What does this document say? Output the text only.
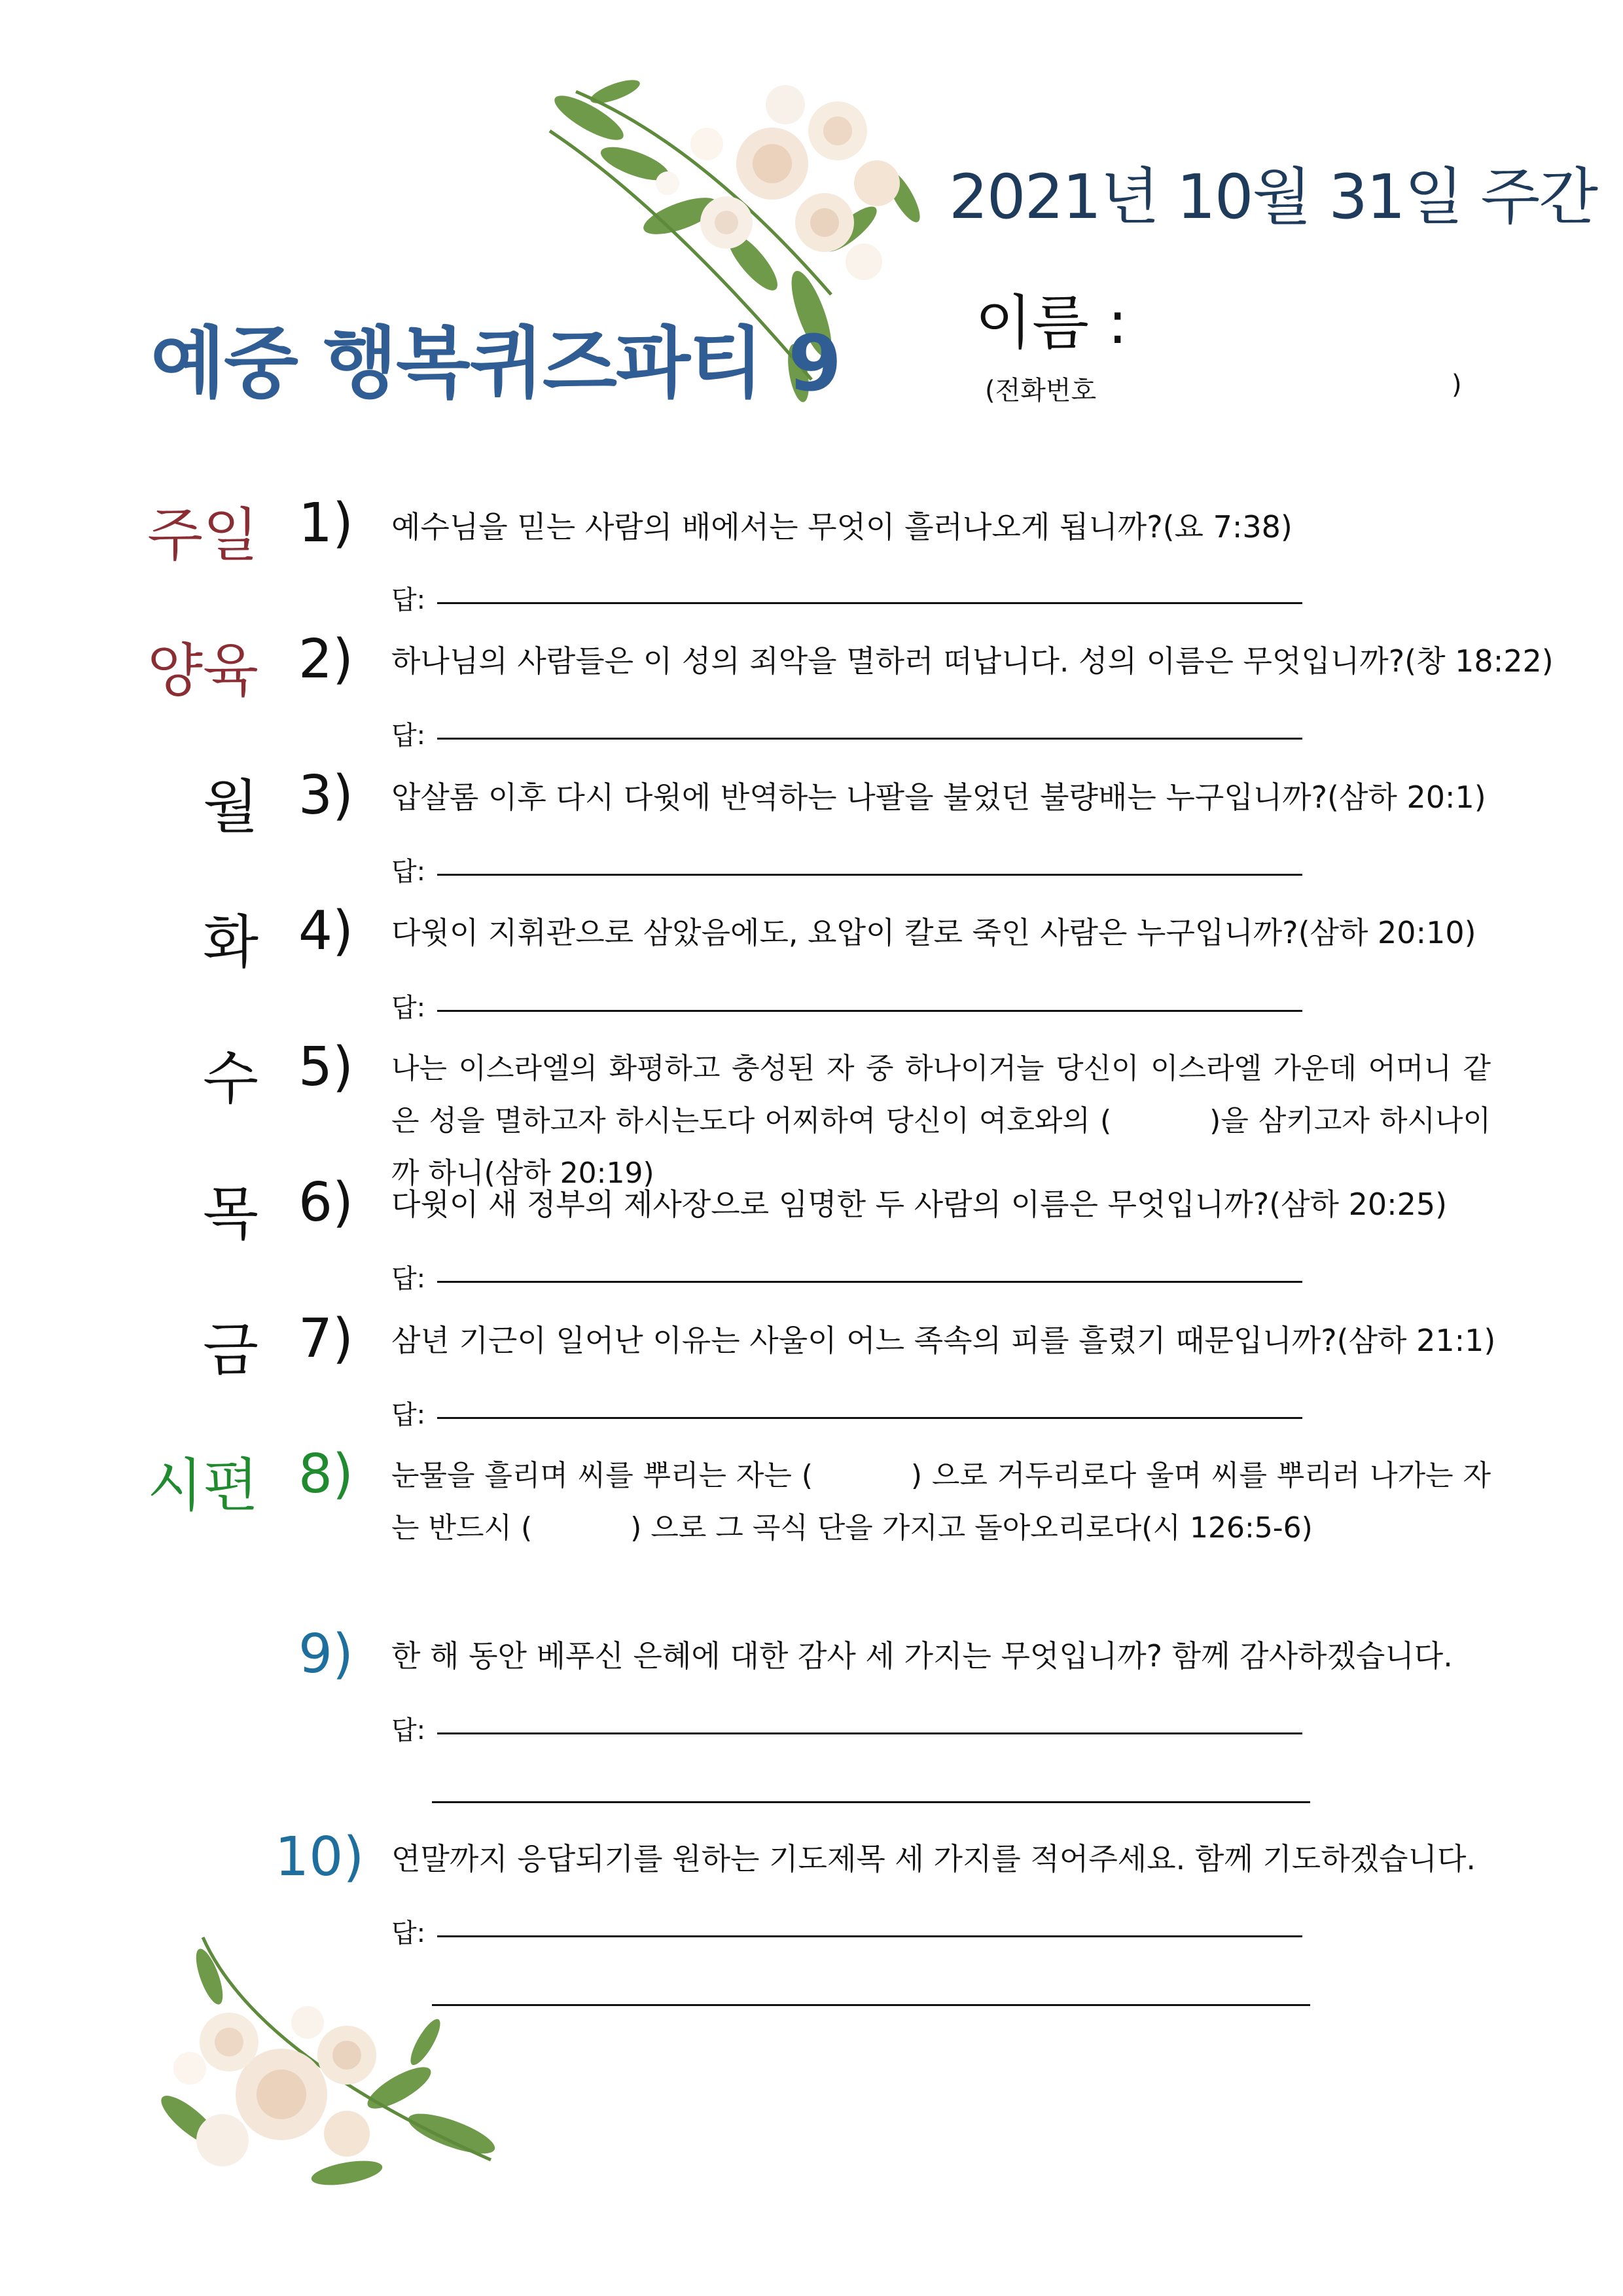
예중 행복퀴즈파티 9
2021년 10월 31일 주간
이름 :
(전화번호	)
주일 1) 예수님을 믿는 사람의 배에서는 무엇이 흘러나오게 됩니까?(요 7:38)
답:
양육 2) 하나님의 사람들은 이 성의 죄악을 멸하러 떠납니다. 성의 이름은 무엇입니까?(창 18:22)
답:
월 3) 압살롬 이후 다시 다윗에 반역하는 나팔을 불었던 불량배는 누구입니까?(삼하 20:1)
답:
화 4) 다윗이 지휘관으로 삼았음에도, 요압이 칼로 죽인 사람은 누구입니까?(삼하 20:10)
답:
수 5) 나는 이스라엘의 화평하고 충성된 자 중 하나이거늘 당신이 이스라엘 가운데 어머니 같은 성을 멸하고자 하시는도다 어찌하여 당신이 여호와의 (	)을 삼키고자 하시나이까 하니(삼하 20:19)
목 6) 다윗이 새 정부의 제사장으로 임명한 두 사람의 이름은 무엇입니까?(삼하 20:25)
답:
금 7) 삼년 기근이 일어난 이유는 사울이 어느 족속의 피를 흘렸기 때문입니까?(삼하 21:1)
답:
시편 8) 눈물을 흘리며 씨를 뿌리는 자는 (	) 으로 거두리로다 울며 씨를 뿌리러 나가는 자는 반드시 (	) 으로 그 곡식 단을 가지고 돌아오리로다(시 126:5-6)
9) 한 해 동안 베푸신 은혜에 대한 감사 세 가지는 무엇입니까? 함께 감사하겠습니다.
답:
10) 연말까지 응답되기를 원하는 기도제목 세 가지를 적어주세요. 함께 기도하겠습니다.
답:
